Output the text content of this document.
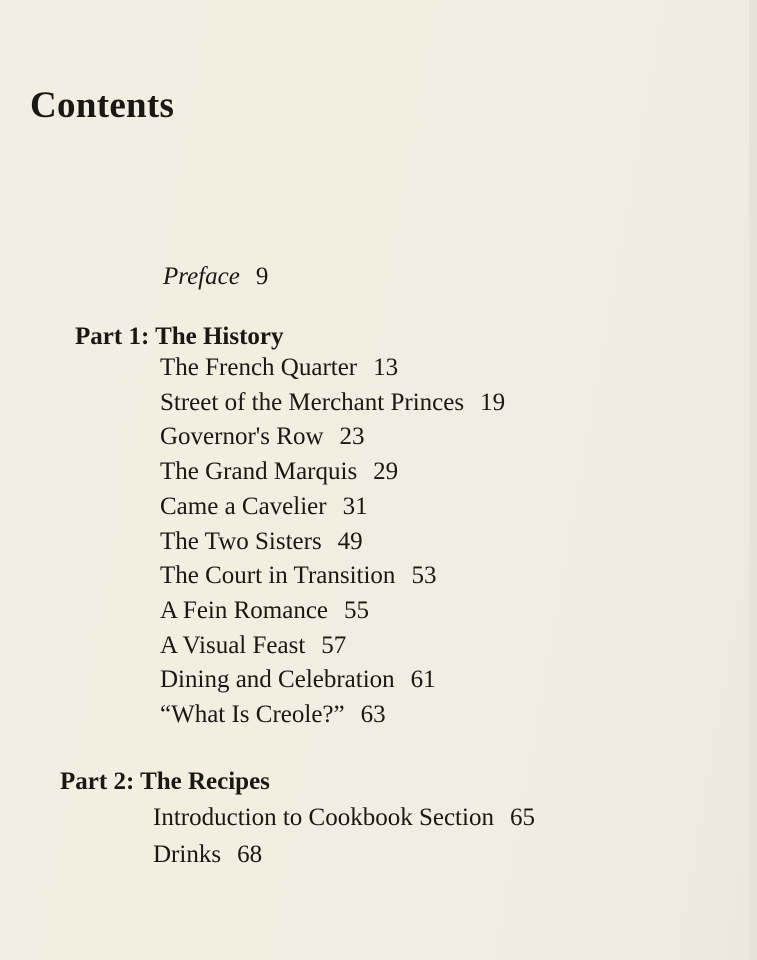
Contents
Preface 9
Part 1: The History
Part 2: The Recipes
The French Quarter 13
Street of the Merchant Princes 19
Governor's Row 23
The Grand Marquis 29
Came a Cavelier 31
The Two Sisters 49
The Court in Transition 53
A Fein Romance 55
A Visual Feast 57
Dining and Celebration 61
“What Is Creole?” 63
Introduction to Cookbook Section 65
Drinks 68
